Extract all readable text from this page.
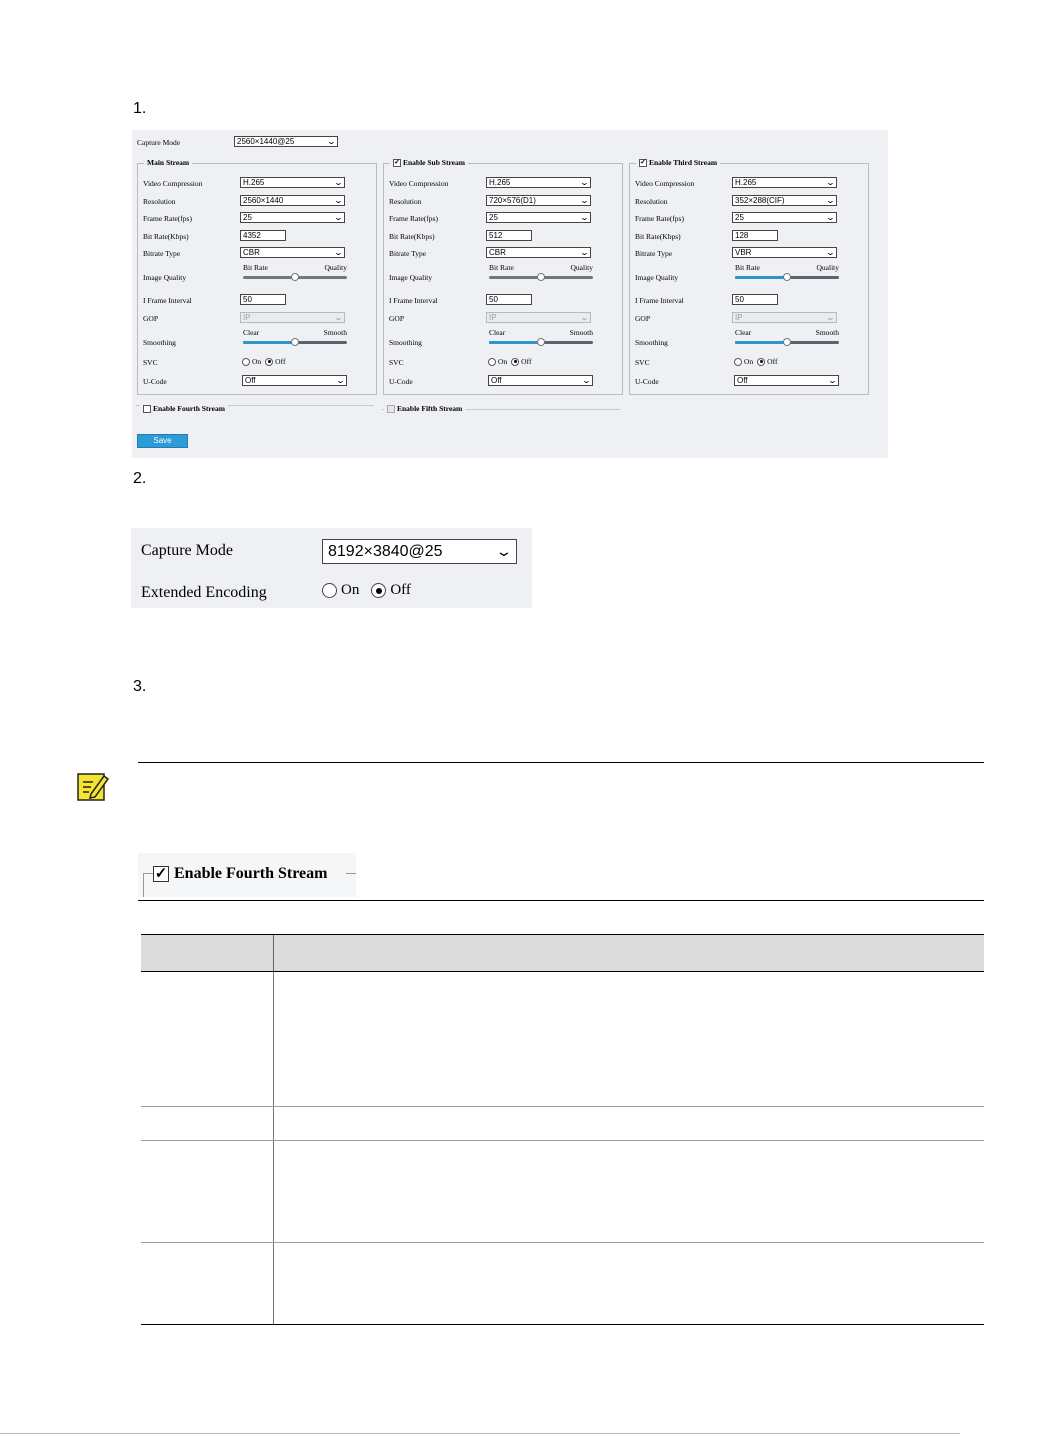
1.
2.
3.
Capture Mode	2560×1440@25	⌄
Main Stream
Video Compression	H.265	⌄
Resolution	2560×1440	⌄
Frame Rate(fps)	25	⌄
Bit Rate(Kbps)	4352
Bitrate Type	CBR	⌄
Image Quality
Bit Rate	Quality
I Frame Interval	50
GOP	IP	⌄
Smoothing
Clear	Smooth
SVC	On Off
U-Code	Off	⌄
✓ Enable Sub Stream
Video Compression	H.265	⌄
Resolution	720×576(D1)	⌄
Frame Rate(fps)	25	⌄
Bit Rate(Kbps)	512
Bitrate Type	CBR	⌄
Image Quality
Bit Rate	Quality
I Frame Interval	50
GOP	IP	⌄
Smoothing
Clear	Smooth
SVC	On Off
U-Code	Off	⌄
✓ Enable Third Stream
Video Compression	H.265	⌄
Resolution	352×288(CIF)	⌄
Frame Rate(fps)	25	⌄
Bit Rate(Kbps)	128
Bitrate Type	VBR	⌄
Image Quality
Bit Rate	Quality
I Frame Interval	50
GOP	IP	⌄
Smoothing
Clear	Smooth
SVC	On Off
U-Code	Off	⌄
Enable Fourth Stream	Enable Fifth Stream
Save
Capture Mode	8192×3840@25	⌄
Extended Encoding	On Off
✓ Enable Fourth Stream
